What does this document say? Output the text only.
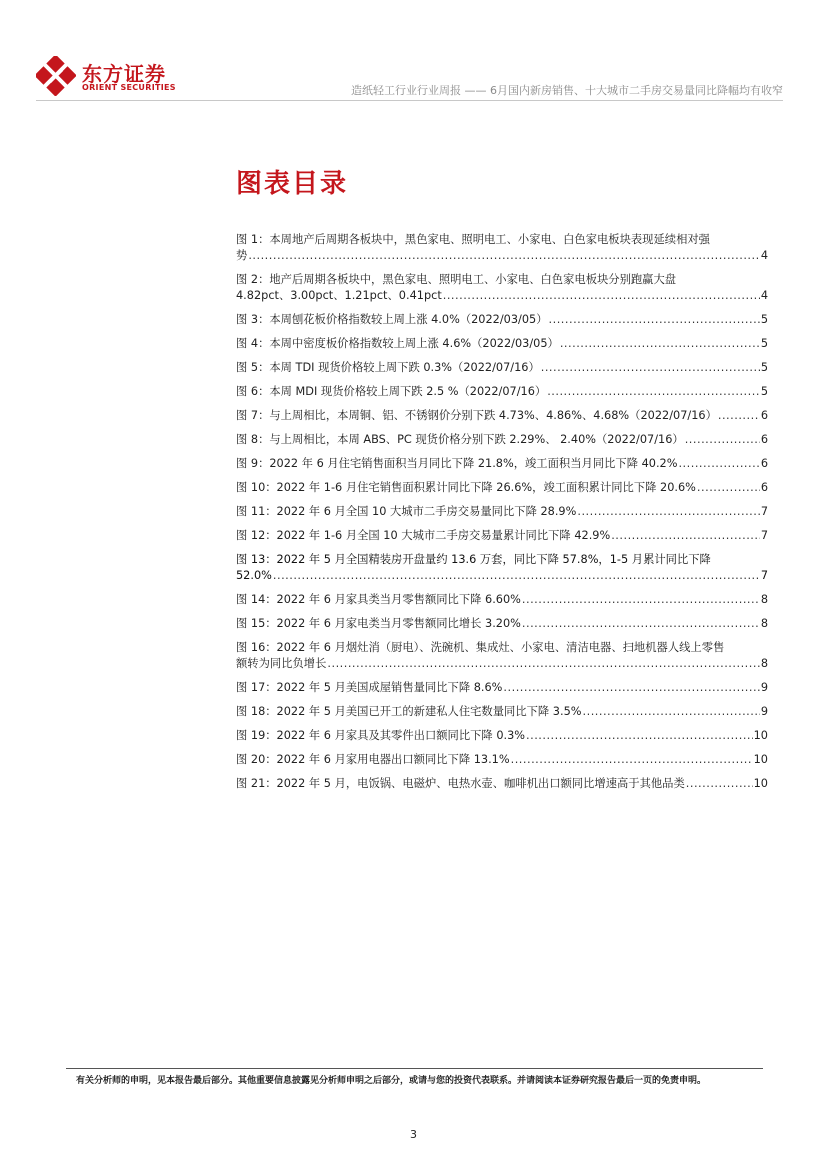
东方证券
ORIENT SECURITIES	造纸轻工行业行业周报 —— 6月国内新房销售、十大城市二手房交易量同比降幅均有收窄
图表目录
图 1：本周地产后周期各板块中，黑色家电、照明电工、小家电、白色家电板块表现延续相对强
势 .....	4
图 2：地产后周期各板块中，黑色家电、照明电工、小家电、白色家电板块分别跑赢大盘
4.82pct、3.00pct、1.21pct、0.41pct .....	4
图 3：本周刨花板价格指数较上周上涨 4.0%（2022/03/05） .....	5
图 4：本周中密度板价格指数较上周上涨 4.6%（2022/03/05） .....	5
图 5：本周 TDI 现货价格较上周下跌 0.3%（2022/07/16） .....	5
图 6：本周 MDI 现货价格较上周下跌 2.5 %（2022/07/16） .....	5
图 7：与上周相比，本周铜、铝、不锈钢价分别下跌 4.73%、4.86%、4.68%（2022/07/16） .....	6
图 8：与上周相比，本周 ABS、PC 现货价格分别下跌 2.29%、 2.40%（2022/07/16） .....	6
图 9：2022 年 6 月住宅销售面积当月同比下降 21.8%，竣工面积当月同比下降 40.2% .....	6
图 10：2022 年 1-6 月住宅销售面积累计同比下降 26.6%，竣工面积累计同比下降 20.6% .....	6
图 11：2022 年 6 月全国 10 大城市二手房交易量同比下降 28.9% .....	7
图 12：2022 年 1-6 月全国 10 大城市二手房交易量累计同比下降 42.9% .....	7
图 13：2022 年 5 月全国精装房开盘量约 13.6 万套，同比下降 57.8%，1-5 月累计同比下降
52.0% .....	7
图 14：2022 年 6 月家具类当月零售额同比下降 6.60% .....	8
图 15：2022 年 6 月家电类当月零售额同比增长 3.20% .....	8
图 16：2022 年 6 月烟灶消（厨电）、洗碗机、集成灶、小家电、清洁电器、扫地机器人线上零售
额转为同比负增长 .....	8
图 17：2022 年 5 月美国成屋销售量同比下降 8.6% .....	9
图 18：2022 年 5 月美国已开工的新建私人住宅数量同比下降 3.5% .....	9
图 19：2022 年 6 月家具及其零件出口额同比下降 0.3% .....	10
图 20：2022 年 6 月家用电器出口额同比下降 13.1% .....	10
图 21：2022 年 5 月，电饭锅、电磁炉、电热水壶、咖啡机出口额同比增速高于其他品类 .....	10
有关分析师的申明，见本报告最后部分。其他重要信息披露见分析师申明之后部分，或请与您的投资代表联系。并请阅读本证券研究报告最后一页的免责申明。
3
